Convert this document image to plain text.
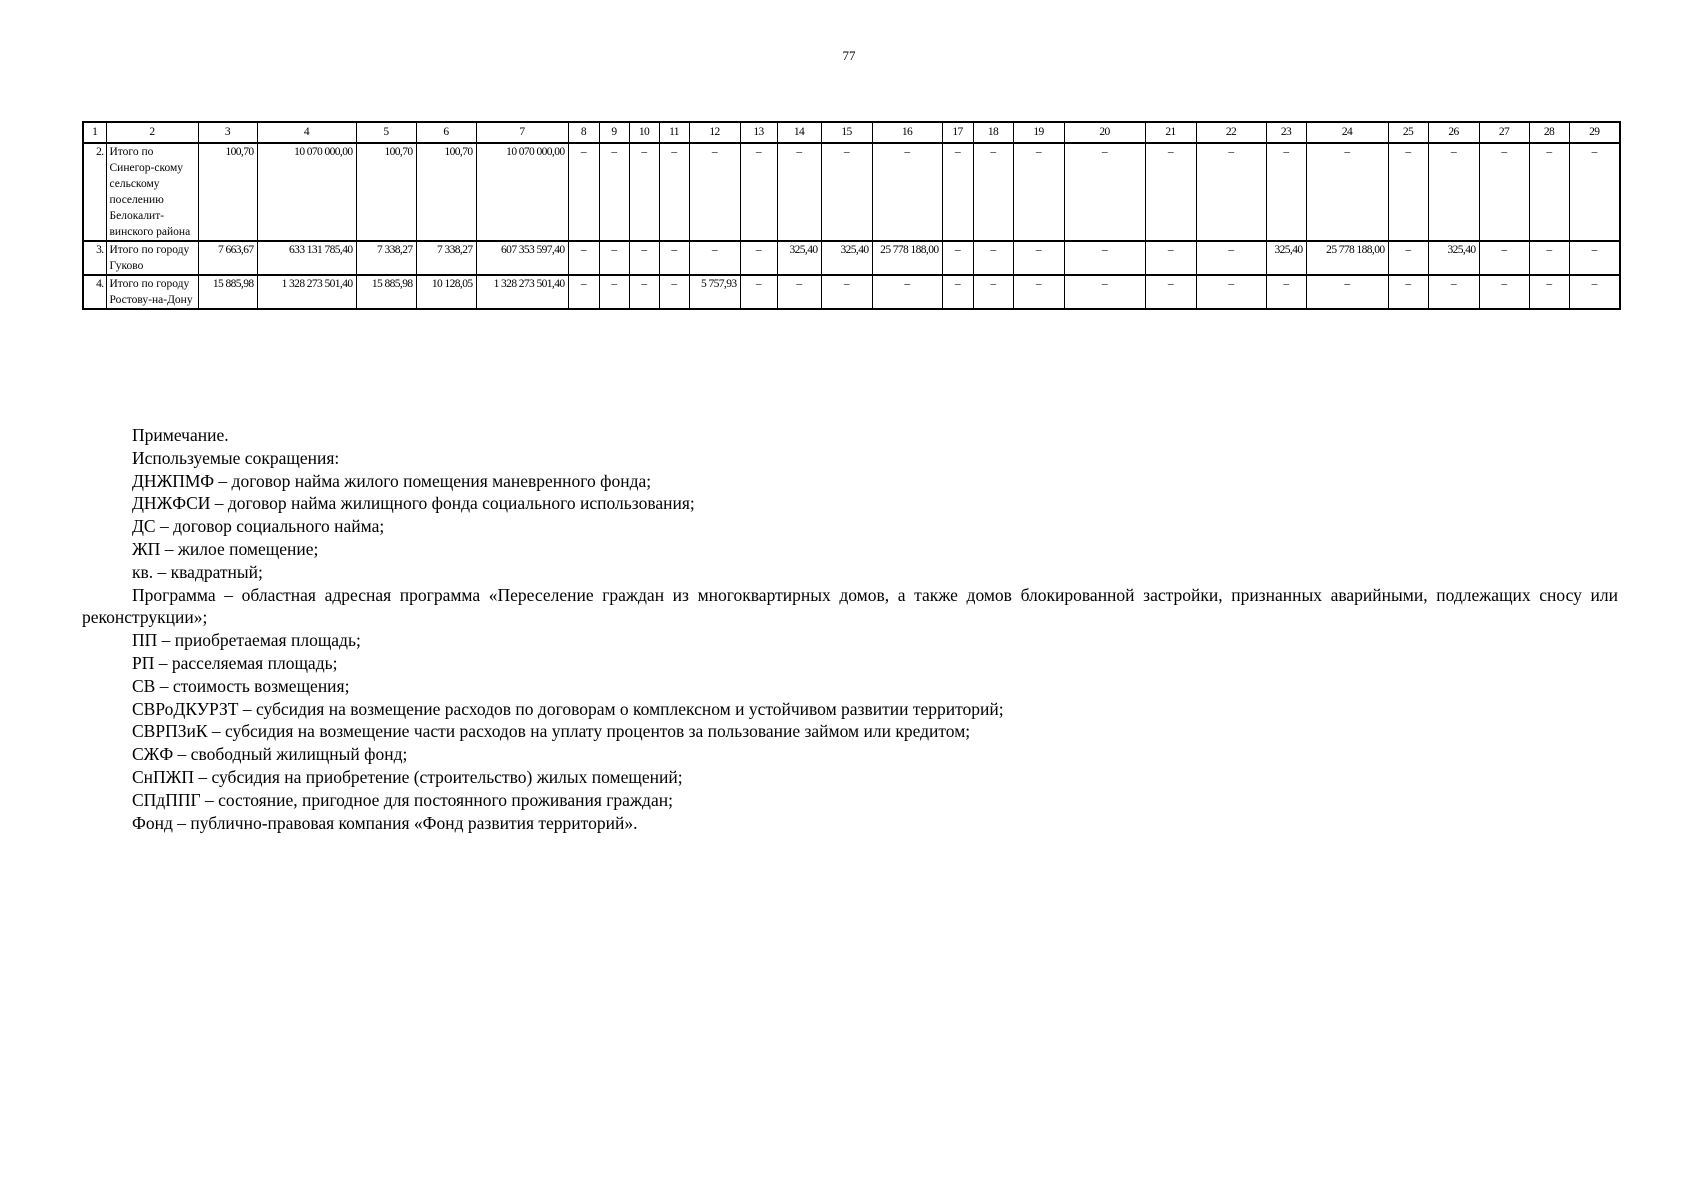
77
1	2	3	4	5	6	7	8	9	10	11	12	13	14	15	16	17	18	19	20	21	22	23	24	25	26	27	28	29
2.	Итого по Синегор-скому сельскому поселению Белокалит-винского района	100,70	10 070 000,00	100,70	100,70	10 070 000,00	–	–	–	–	–	–	–	–	–	–	–	–	–	–	–	–	–	–	–	–	–	–
3.	Итого по городу Гуково	7 663,67	633 131 785,40	7 338,27	7 338,27	607 353 597,40	–	–	–	–	–	–	325,40	325,40	25 778 188,00	–	–	–	–	–	–	325,40	25 778 188,00	–	325,40	–	–	–
4.	Итого по городу Ростову-на-Дону	15 885,98	1 328 273 501,40	15 885,98	10 128,05	1 328 273 501,40	–	–	–	–	5 757,93	–	–	–	–	–	–	–	–	–	–	–	–	–	–	–	–	–

Примечание.

Используемые сокращения:

ДНЖПМФ – договор найма жилого помещения маневренного фонда;

ДНЖФСИ – договор найма жилищного фонда социального использования;

ДС – договор социального найма;

ЖП – жилое помещение;

кв. – квадратный;

Программа – областная адресная программа «Переселение граждан из многоквартирных домов, а также домов блокированной застройки, признанных аварийными, подлежащих сносу или реконструкции»;

ПП – приобретаемая площадь;

РП – расселяемая площадь;

СВ – стоимость возмещения;

СВРоДКУРЗТ – субсидия на возмещение расходов по договорам о комплексном и устойчивом развитии территорий;

СВРПЗиК – субсидия на возмещение части расходов на уплату процентов за пользование займом или кредитом;

СЖФ – свободный жилищный фонд;

СнПЖП – субсидия на приобретение (строительство) жилых помещений;

СПдППГ – состояние, пригодное для постоянного проживания граждан;

Фонд – публично-правовая компания «Фонд развития территорий».
